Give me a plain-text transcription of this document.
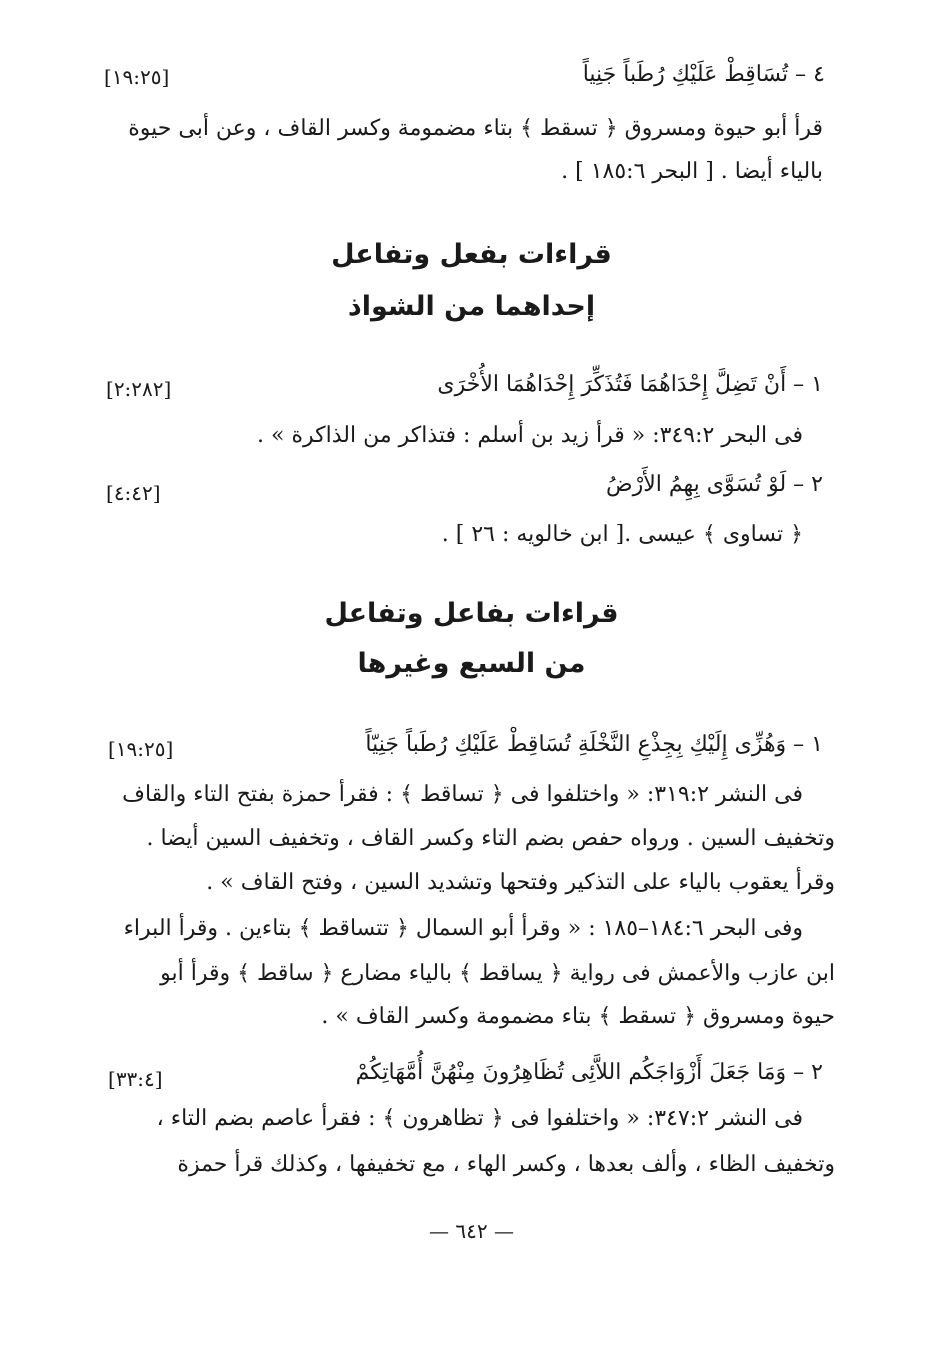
٤ – تُسَاقِطْ عَلَيْكِ رُطَباً جَنِياً
[١٩:٢٥]
قرأ أبو حيوة ومسروق ﴿ تسقط ﴾ بتاء مضمومة وكسر القاف ، وعن أبى حيوة
بالياء أيضا . [ البحر ١٨٥:٦ ] .
قراءات بفعل وتفاعل
إحداهما من الشواذ
١ – أَنْ تَضِلَّ إِحْدَاهُمَا فَتُذَكِّرَ إِحْدَاهُمَا الأُخْرَى
[٢:٢٨٢]
فى البحر ٣٤٩:٢: « قرأ زيد بن أسلم : فتذاكر من الذاكرة » .
٢ – لَوْ تُسَوَّى بِهِمُ الأَرْضُ
[٤:٤٢]
﴿ تساوى ﴾ عيسى .[ ابن خالويه : ٢٦ ] .
قراءات بفاعل وتفاعل
من السبع وغيرها
١ – وَهُزِّى إِلَيْكِ بِجِذْعِ النَّخْلَةِ تُسَاقِطْ عَلَيْكِ رُطَباً جَنِيّاً
[١٩:٢٥]
فى النشر ٣١٩:٢: « واختلفوا فى ﴿ تساقط ﴾ : فقرأ حمزة بفتح التاء والقاف
وتخفيف السين . ورواه حفص بضم التاء وكسر القاف ، وتخفيف السين أيضا .
وقرأ يعقوب بالياء على التذكير وفتحها وتشديد السين ، وفتح القاف » .
وفى البحر ١٨٤:٦–١٨٥ : « وقرأ أبو السمال ﴿ تتساقط ﴾ بتاءين . وقرأ البراء
ابن عازب والأعمش فى رواية ﴿ يساقط ﴾ بالياء مضارع ﴿ ساقط ﴾ وقرأ أبو
حيوة ومسروق ﴿ تسقط ﴾ بتاء مضمومة وكسر القاف » .
٢ – وَمَا جَعَلَ أَزْوَاجَكُم اللاَّئِى تُظَاهِرُونَ مِنْهُنَّ أُمَّهَاتِكُمْ
[٣٣:٤]
فى النشر ٣٤٧:٢: « واختلفوا فى ﴿ تظاهرون ﴾ : فقرأ عاصم بضم التاء ،
وتخفيف الظاء ، وألف بعدها ، وكسر الهاء ، مع تخفيفها ، وكذلك قرأ حمزة
— ٦٤٢ —
